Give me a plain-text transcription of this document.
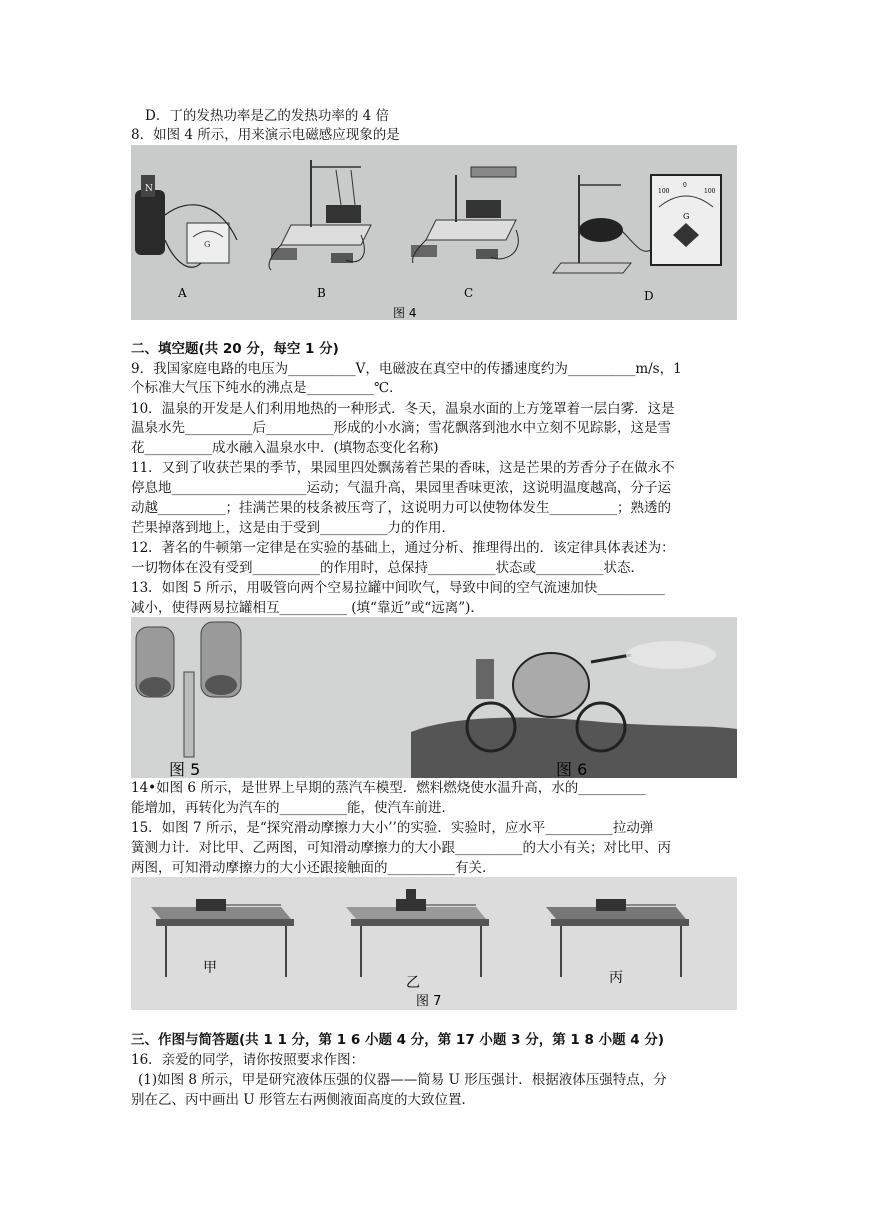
D．丁的发热功率是乙的发热功率的 4 倍
8．如图 4 所示，用来演示电磁感应现象的是
N
G
A	B	C
100
0
100
G
D
图 4
二、填空题(共 20 分，每空 1 分)
9．我国家庭电路的电压为__________V，电磁波在真空中的传播速度约为__________m/s，1
个标准大气压下纯水的沸点是__________℃．
10．温泉的开发是人们利用地热的一种形式．冬天，温泉水面的上方笼罩着一层白雾．这是
温泉水先__________后__________形成的小水滴；雪花飘落到池水中立刻不见踪影，这是雪
花__________成水融入温泉水中．(填物态变化名称)
11．又到了收获芒果的季节，果园里四处飘荡着芒果的香味，这是芒果的芳香分子在做永不
停息地____________________运动；气温升高，果园里香味更浓，这说明温度越高，分子运
动越__________；挂满芒果的枝条被压弯了，这说明力可以使物体发生__________；熟透的
芒果掉落到地上，这是由于受到__________力的作用．
12．著名的牛顿第一定律是在实验的基础上，通过分析、推理得出的．该定律具体表述为：
一切物体在没有受到__________的作用时，总保持__________状态或__________状态．
13．如图 5 所示，用吸管向两个空易拉罐中间吹气，导致中间的空气流速加快__________
减小，使得两易拉罐相互__________ (填“靠近”或“远离”)．
图 5	图 6
14•如图 6 所示，是世界上早期的蒸汽车模型．燃料燃烧使水温升高，水的__________
能增加，再转化为汽车的__________能，使汽车前进．
15．如图 7 所示，是“探究滑动摩擦力大小’’的实验．实验时，应水平__________拉动弹
簧测力计．对比甲、乙两图，可知滑动摩擦力的大小跟__________的大小有关；对比甲、丙
两图，可知滑动摩擦力的大小还跟接触面的__________有关．
甲
乙	丙
图 7
三、作图与简答题(共 1 1 分，第 1 6 小题 4 分，第 17 小题 3 分，第 1 8 小题 4 分)
16．亲爱的同学，请你按照要求作图：
(1)如图 8 所示，甲是研究液体压强的仪器——简易 U 形压强计．根据液体压强特点，分
别在乙、丙中画出 U 形管左右两侧液面高度的大致位置．
